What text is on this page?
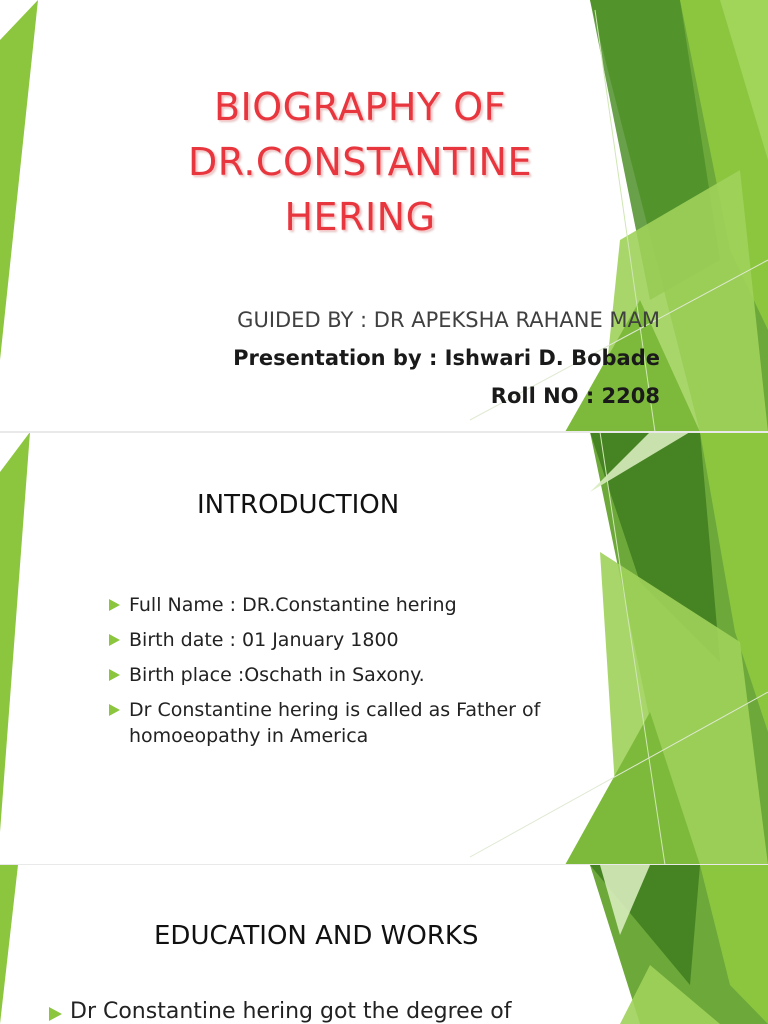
BIOGRAPHY OF
DR.CONSTANTINE
HERING
GUIDED BY : DR APEKSHA RAHANE MAM
Presentation by : Ishwari D. Bobade
Roll NO : 2208
INTRODUCTION
Full Name : DR.Constantine hering
Birth date : 01 January 1800
Birth place :Oschath in Saxony.
Dr Constantine hering is called as Father of homoeopathy in America
EDUCATION AND WORKS
Dr Constantine hering got the degree of
